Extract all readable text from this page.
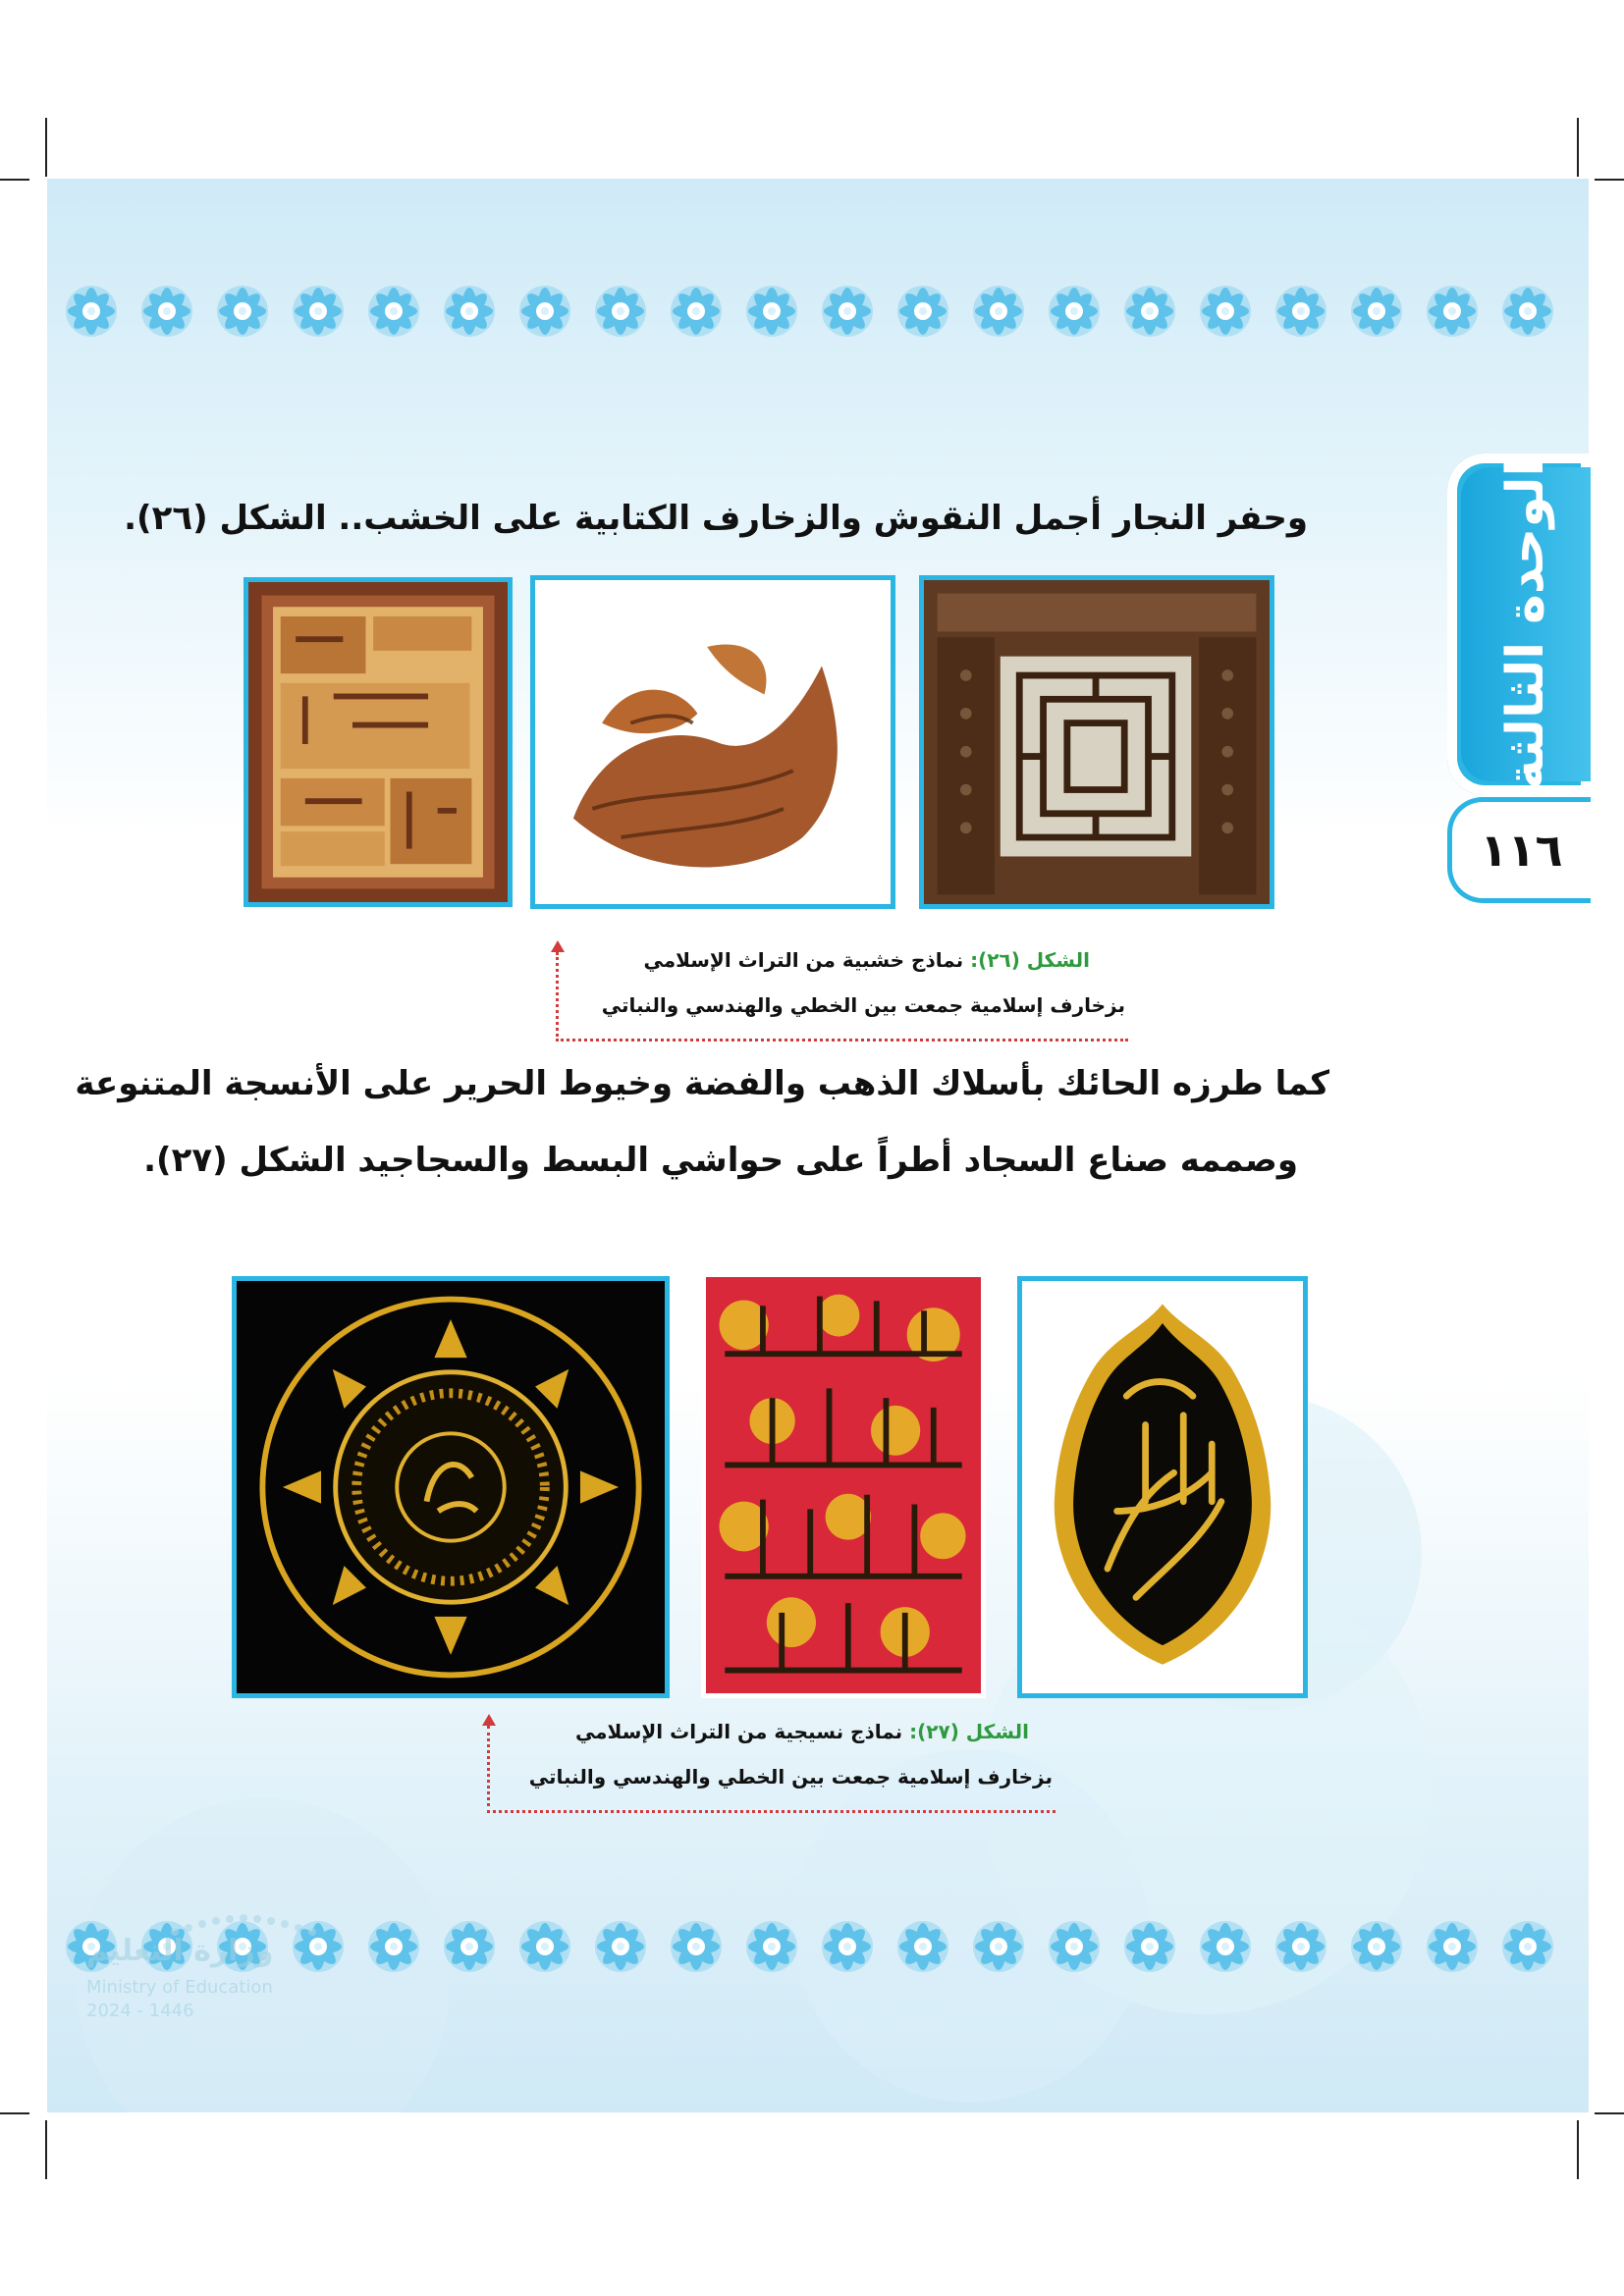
الوحدة الثالثة
١١٦
وحفر النجار أجمل النقوش والزخارف الكتابية على الخشب.. الشكل (٢٦).
الشكل (٢٦): نماذج خشبية من التراث الإسلامي
بزخارف إسلامية جمعت بين الخطي والهندسي والنباتي
كما طرزه الحائك بأسلاك الذهب والفضة وخيوط الحرير على الأنسجة المتنوعة
وصممه صناع السجاد أطراً على حواشي البسط والسجاجيد الشكل (٢٧).
الشكل (٢٧): نماذج نسيجية من التراث الإسلامي
بزخارف إسلامية جمعت بين الخطي والهندسي والنباتي
وزارة التعليم
Ministry of Education
2024 - 1446
